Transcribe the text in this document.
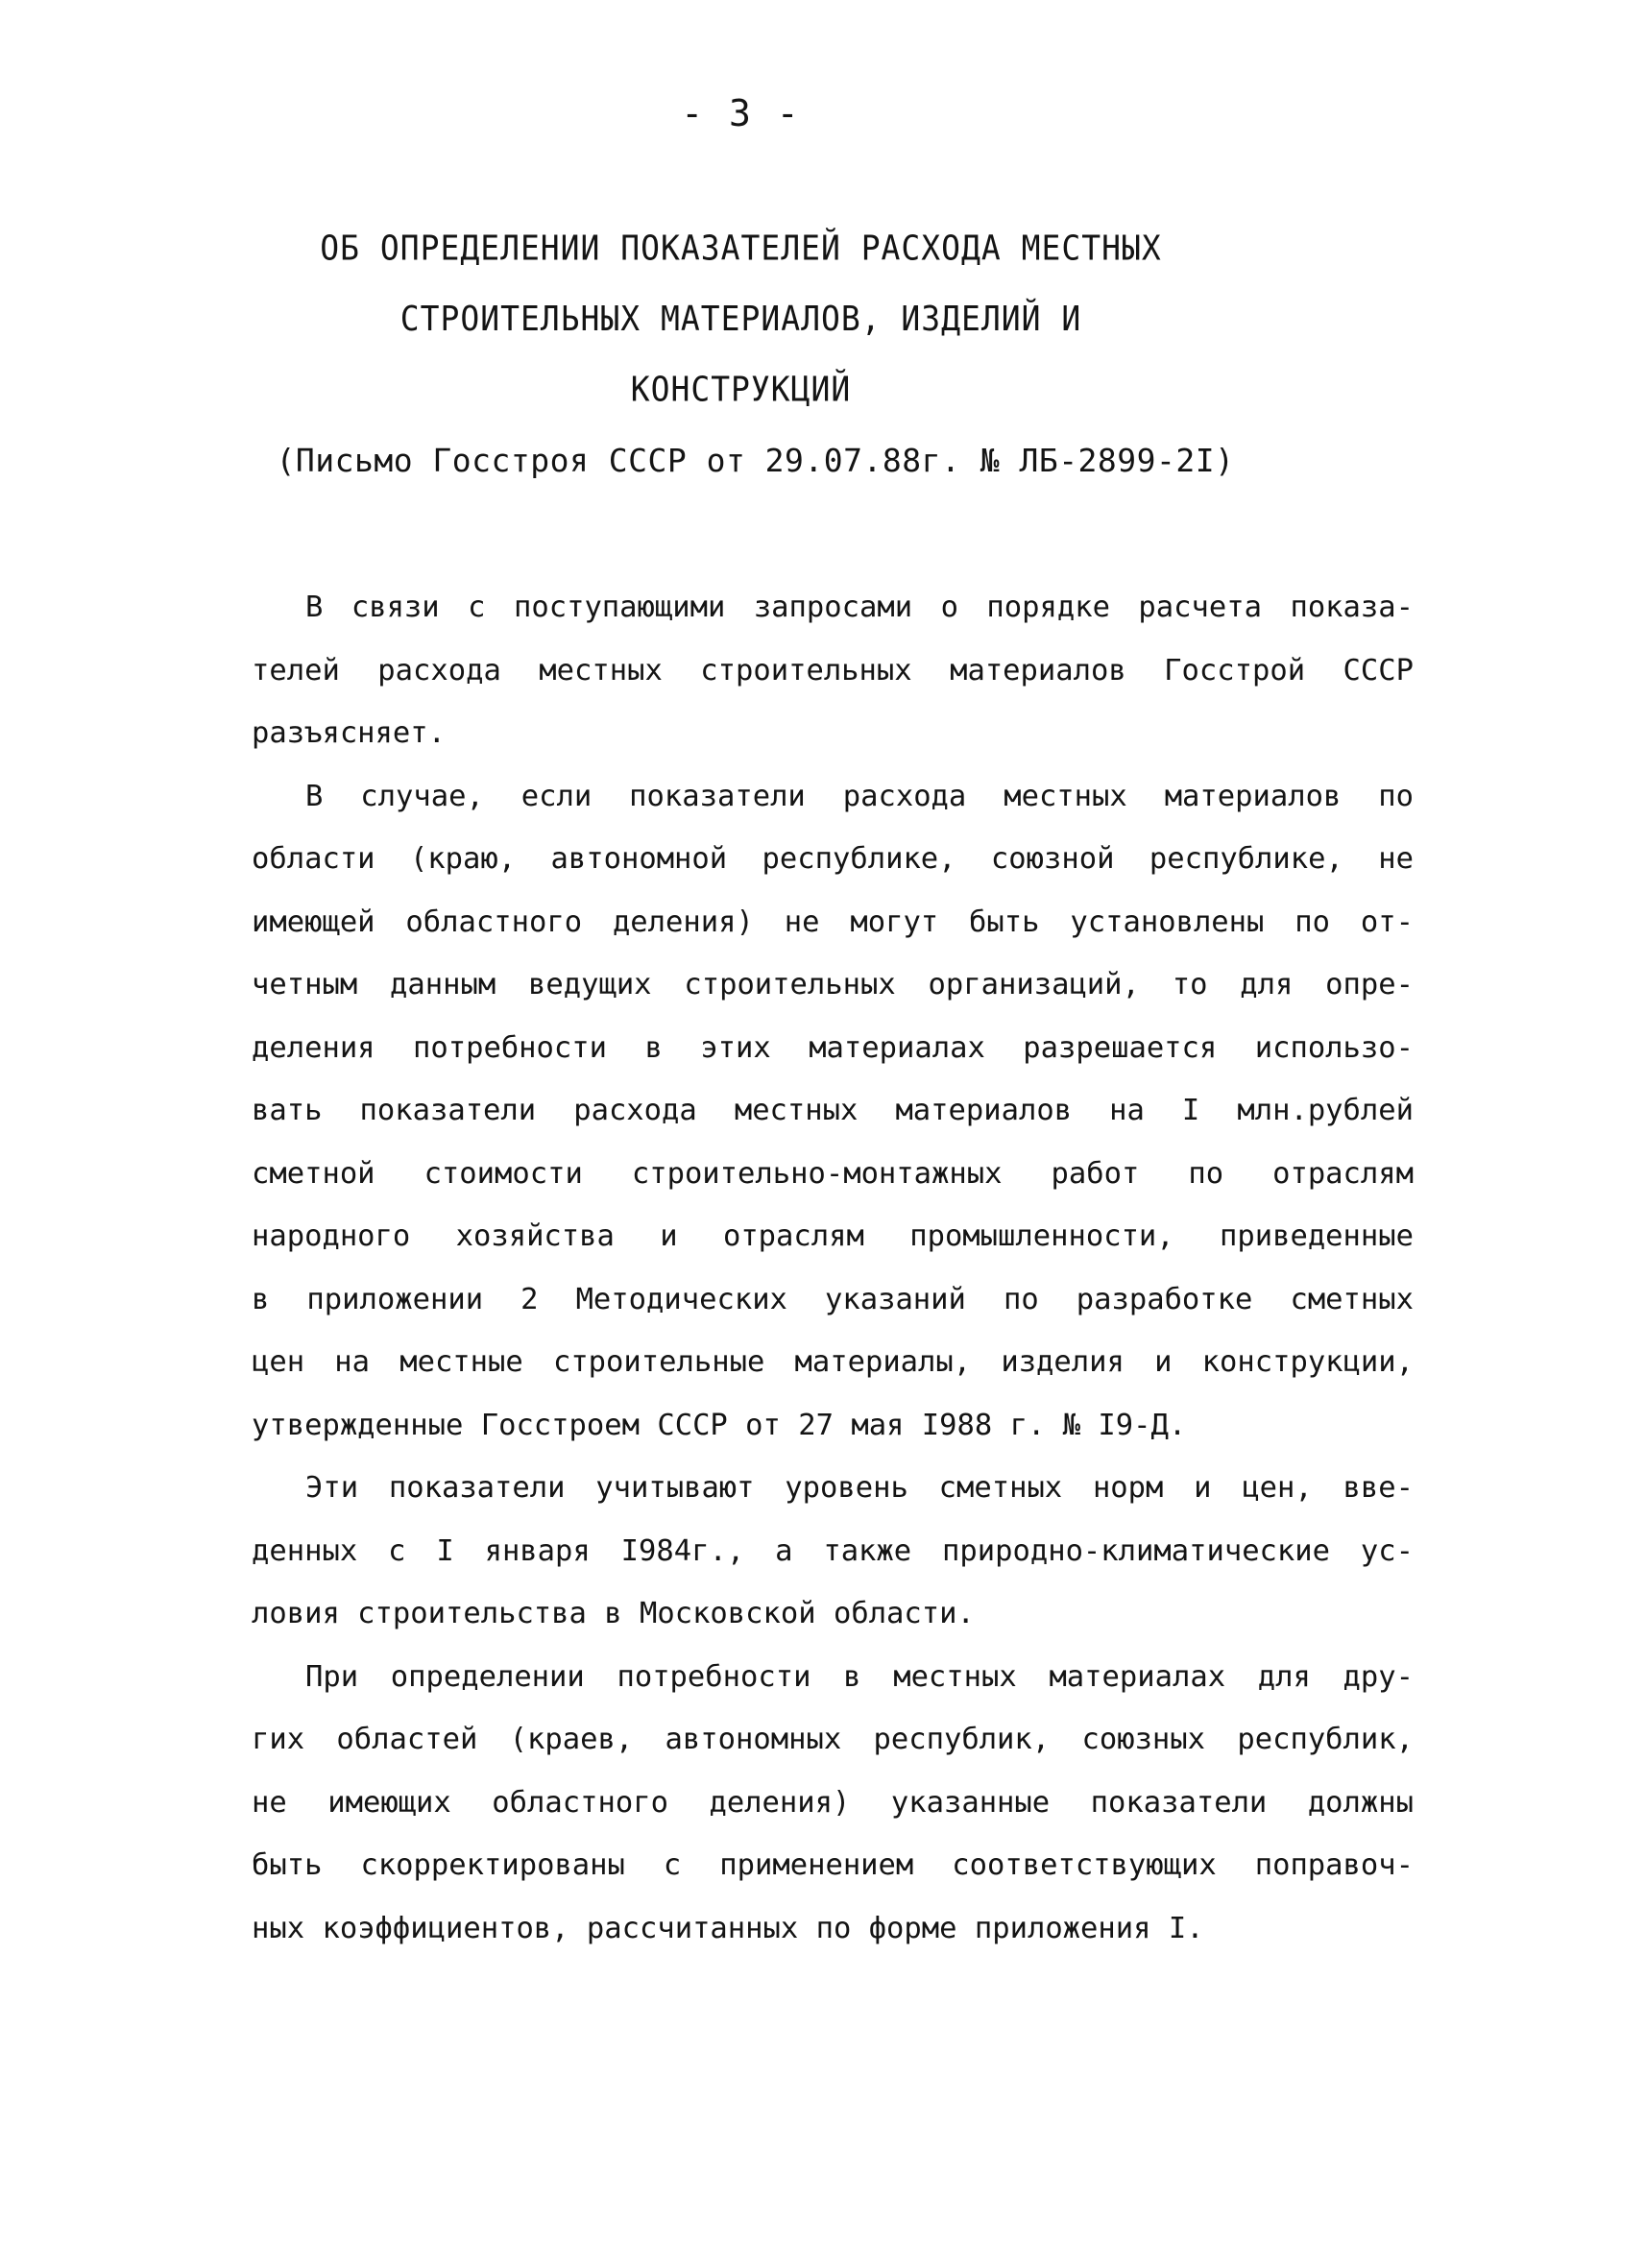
- 3 -
ОБ ОПРЕДЕЛЕНИИ ПОКАЗАТЕЛЕЙ РАСХОДА МЕСТНЫХ
СТРОИТЕЛЬНЫХ МАТЕРИАЛОВ, ИЗДЕЛИЙ И
КОНСТРУКЦИЙ
(Письмо Госстроя СССР от 29.07.88г. № ЛБ-2899-2I)
В связи с поступающими запросами о порядке расчета показа-
телей расхода местных строительных материалов Госстрой СССР
разъясняет.
В случае, если показатели расхода местных материалов по
области (краю, автономной республике, союзной республике, не
имеющей областного деления) не могут быть установлены по от-
четным данным ведущих строительных организаций, то для опре-
деления потребности в этих материалах разрешается использо-
вать показатели расхода местных материалов на I млн.рублей
сметной стоимости строительно-монтажных работ по отраслям
народного хозяйства и отраслям промышленности, приведенные
в приложении 2 Методических указаний по разработке сметных
цен на местные строительные материалы, изделия и конструкции,
утвержденные Госстроем СССР от 27 мая I988 г. № I9-Д.
Эти показатели учитывают уровень сметных норм и цен, вве-
денных с I января I984г., а также природно-климатические ус-
ловия строительства в Московской области.
При определении потребности в местных материалах для дру-
гих областей (краев, автономных республик, союзных республик,
не имеющих областного деления) указанные показатели должны
быть скорректированы с применением соответствующих поправоч-
ных коэффициентов, рассчитанных по форме приложения I.
